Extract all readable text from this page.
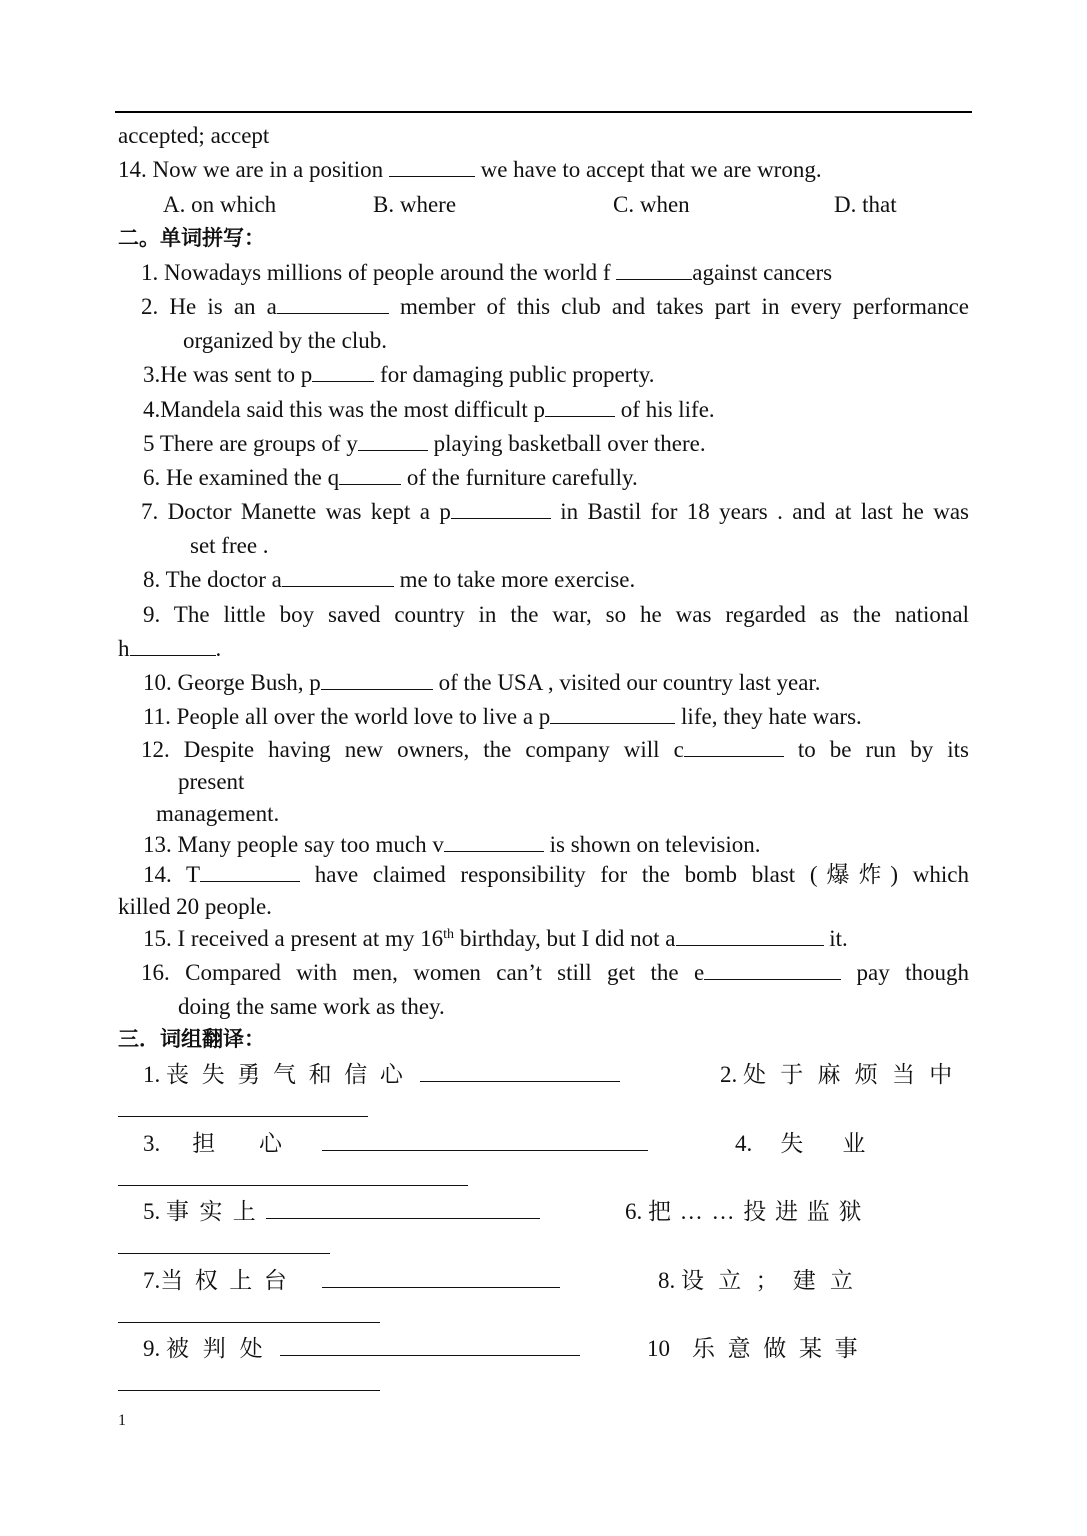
accepted; accept
14. Now we are in a position	we have to accept that we are wrong.
A. on which	B. where	C. when	D. that
二。单词拼写：
1. Nowadays millions of people around the world f	against cancers
2. He is an a	member of this club and takes part in every performance
organized by the club.
3.He was sent to p	for damaging public property.
4.Mandela said this was the most difficult p	of his life.
5 There are groups of y	playing basketball over there.
6. He examined the q	of the furniture carefully.
7. Doctor Manette was kept a p	in Bastil for 18 years . and at last he was
set free .
8. The doctor a	me to take more exercise.
9. The little boy saved country in the war, so he was regarded as the national
h	.
10. George Bush, p	of the USA , visited our country last year.
11. People all over the world love to live a p	life, they hate wars.
12. Despite having new owners, the company will c	to be run by its
present
management.
13. Many people say too much v	is shown on television.
14. T	have claimed responsibility for the bomb blast (爆炸) which
killed 20 people.
15. I received a present at my 16th birthday, but I did not a	it.
16. Compared with men, women can’t still get the e	pay though
doing the same work as they.
三．词组翻译：
1. 丧失勇气和信心	2. 处于麻烦当中
3. 担心	4. 失业
5. 事实上	6. 把……投进监狱
7.当权上台	8. 设立；建立
9. 被判处	10 乐意做某事
1
